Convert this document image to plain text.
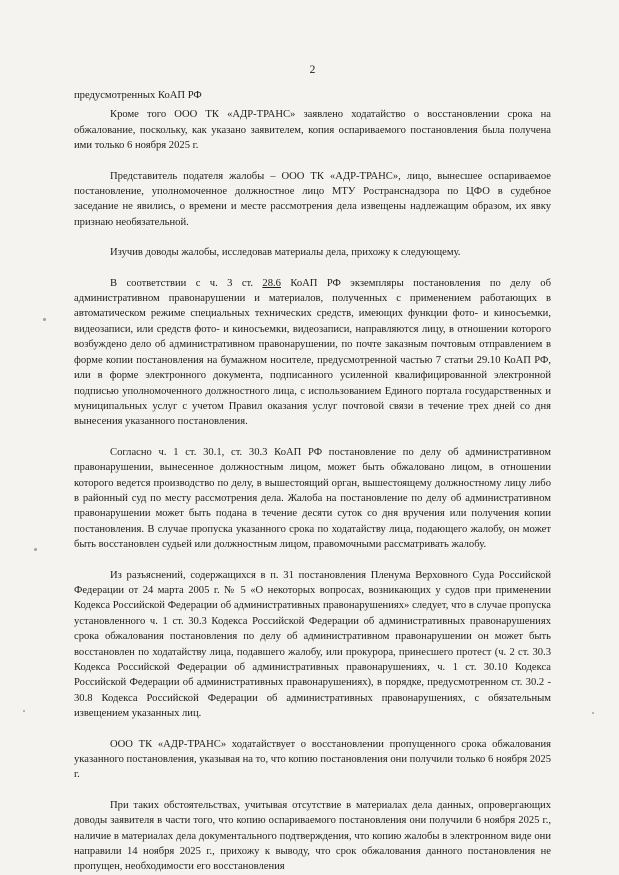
2

предусмотренных КоАП РФ

Кроме того ООО ТК «АДР-ТРАНС» заявлено ходатайство о восстановлении срока на обжалование, поскольку, как указано заявителем, копия оспариваемого постановления была получена ими только 6 ноября 2025 г.

Представитель подателя жалобы – ООО ТК «АДР-ТРАНС», лицо, вынесшее оспариваемое постановление, уполномоченное должностное лицо МТУ Ространснадзора по ЦФО в судебное заседание не явились, о времени и месте рассмотрения дела извещены надлежащим образом, их явку признаю необязательной.

Изучив доводы жалобы, исследовав материалы дела, прихожу к следующему.

В соответствии с ч. 3 ст. 28.6 КоАП РФ экземпляры постановления по делу об административном правонарушении и материалов, полученных с применением работающих в автоматическом режиме специальных технических средств, имеющих функции фото- и киносъемки, видеозаписи, или средств фото- и киносъемки, видеозаписи, направляются лицу, в отношении которого возбуждено дело об административном правонарушении, по почте заказным почтовым отправлением в форме копии постановления на бумажном носителе, предусмотренной частью 7 статьи 29.10 КоАП РФ, или в форме электронного документа, подписанного усиленной квалифицированной электронной подписью уполномоченного должностного лица, с использованием Единого портала государственных и муниципальных услуг с учетом Правил оказания услуг почтовой связи в течение трех дней со дня вынесения указанного постановления.

Согласно ч. 1 ст. 30.1, ст. 30.3 КоАП РФ постановление по делу об административном правонарушении, вынесенное должностным лицом, может быть обжаловано лицом, в отношении которого ведется производство по делу, в вышестоящий орган, вышестоящему должностному лицу либо в районный суд по месту рассмотрения дела. Жалоба на постановление по делу об административном правонарушении может быть подана в течение десяти суток со дня вручения или получения копии постановления. В случае пропуска указанного срока по ходатайству лица, подающего жалобу, он может быть восстановлен судьей или должностным лицом, правомочными рассматривать жалобу.

Из разъяснений, содержащихся в п. 31 постановления Пленума Верховного Суда Российской Федерации от 24 марта 2005 г. № 5 «О некоторых вопросах, возникающих у судов при применении Кодекса Российской Федерации об административных правонарушениях» следует, что в случае пропуска установленного ч. 1 ст. 30.3 Кодекса Российской Федерации об административных правонарушениях срока обжалования постановления по делу об административном правонарушении он может быть восстановлен по ходатайству лица, подавшего жалобу, или прокурора, принесшего протест (ч. 2 ст. 30.3 Кодекса Российской Федерации об административных правонарушениях, ч. 1 ст. 30.10 Кодекса Российской Федерации об административных правонарушениях), в порядке, предусмотренном ст. 30.2 - 30.8 Кодекса Российской Федерации об административных правонарушениях, с обязательным извещением указанных лиц.

ООО ТК «АДР-ТРАНС» ходатайствует о восстановлении пропущенного срока обжалования указанного постановления, указывая на то, что копию постановления они получили только 6 ноября 2025 г.

При таких обстоятельствах, учитывая отсутствие в материалах дела данных, опровергающих доводы заявителя в части того, что копию оспариваемого постановления они получили 6 ноября 2025 г., наличие в материалах дела документального подтверждения, что копию жалобы в электронном виде они направили 14 ноября 2025 г., прихожу к выводу, что срок обжалования данного постановления не пропущен, необходимости его восстановления
